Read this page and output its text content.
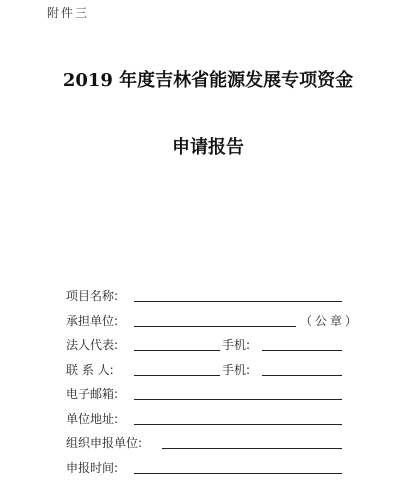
附件三
2019 年度吉林省能源发展专项资金
申请报告
项目名称:
承担单位:	（公章）
法人代表:	手机:
联 系 人:	手机:
电子邮箱:
单位地址:
组织申报单位:
申报时间:
